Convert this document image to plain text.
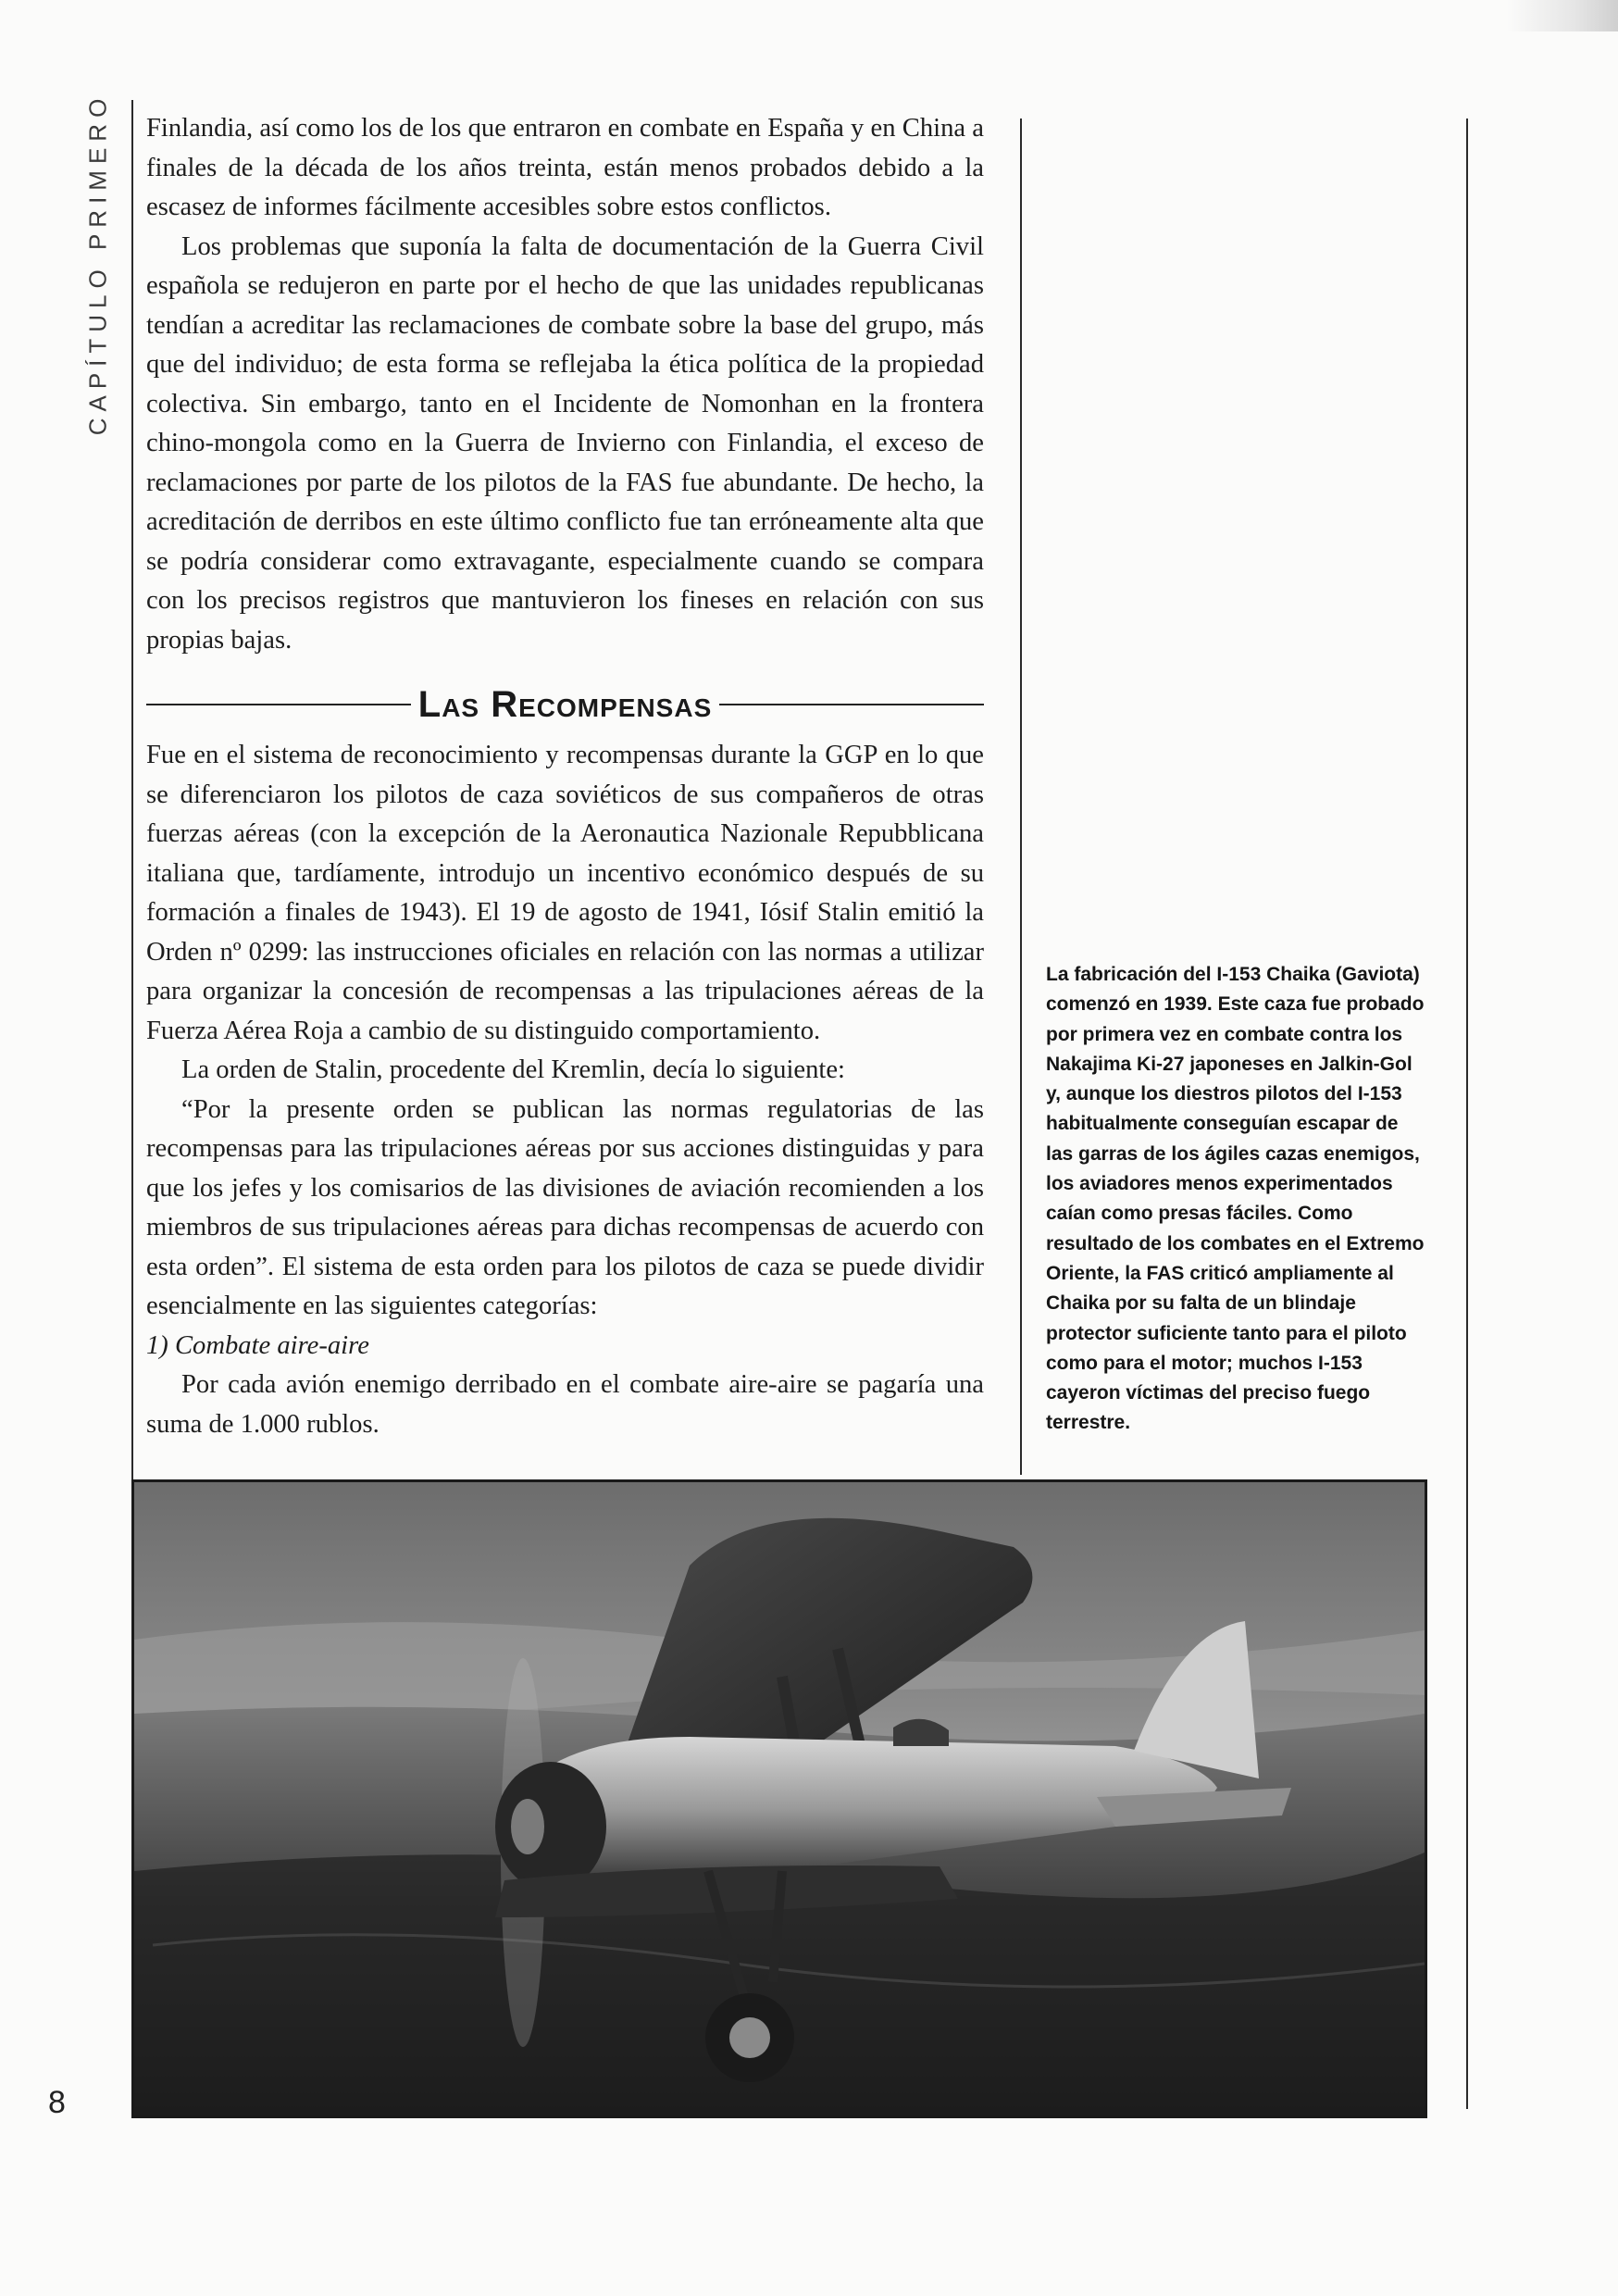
CAPÍTULO PRIMERO Finlandia, así como los de los que entraron en combate en España y en China a finales de la década de los años treinta, están menos probados debido a la escasez de informes fácilmente accesibles sobre estos conflictos.

Los problemas que suponía la falta de documentación de la Guerra Civil española se redujeron en parte por el hecho de que las unidades republicanas tendían a acreditar las reclamaciones de combate sobre la base del grupo, más que del individuo; de esta forma se reflejaba la ética política de la propiedad colectiva. Sin embargo, tanto en el Incidente de Nomonhan en la frontera chino-mongola como en la Guerra de Invierno con Finlandia, el exceso de reclamaciones por parte de los pilotos de la FAS fue abundante. De hecho, la acreditación de derribos en este último conflicto fue tan erróneamente alta que se podría considerar como extravagante, especialmente cuando se compara con los precisos registros que mantuvieron los fineses en relación con sus propias bajas.

Las Recompensas

Fue en el sistema de reconocimiento y recompensas durante la GGP en lo que se diferenciaron los pilotos de caza soviéticos de sus compañeros de otras fuerzas aéreas (con la excepción de la Aeronautica Nazionale Repubblicana italiana que, tardíamente, introdujo un incentivo económico después de su formación a finales de 1943). El 19 de agosto de 1941, Iósif Stalin emitió la Orden nº 0299: las instrucciones oficiales en relación con las normas a utilizar para organizar la concesión de recompensas a las tripulaciones aéreas de la Fuerza Aérea Roja a cambio de su distinguido comportamiento.

La orden de Stalin, procedente del Kremlin, decía lo siguiente:

“Por la presente orden se publican las normas regulatorias de las recompensas para las tripulaciones aéreas por sus acciones distinguidas y para que los jefes y los comisarios de las divisiones de aviación recomienden a los miembros de sus tripulaciones aéreas para dichas recompensas de acuerdo con esta orden”. El sistema de esta orden para los pilotos de caza se puede dividir esencialmente en las siguientes categorías:

1) Combate aire-aire

Por cada avión enemigo derribado en el combate aire-aire se pagaría una suma de 1.000 rublos.

La fabricación del I-153 Chaika (Gaviota) comenzó en 1939. Este caza fue probado por primera vez en combate contra los Nakajima Ki-27 japoneses en Jalkin-Gol y, aunque los diestros pilotos del I-153 habitualmente conseguían escapar de las garras de los ágiles cazas enemigos, los aviadores menos experimentados caían como presas fáciles. Como resultado de los combates en el Extremo Oriente, la FAS criticó ampliamente al Chaika por su falta de un blindaje protector suficiente tanto para el piloto como para el motor; muchos I-153 cayeron víctimas del preciso fuego terrestre.

8
